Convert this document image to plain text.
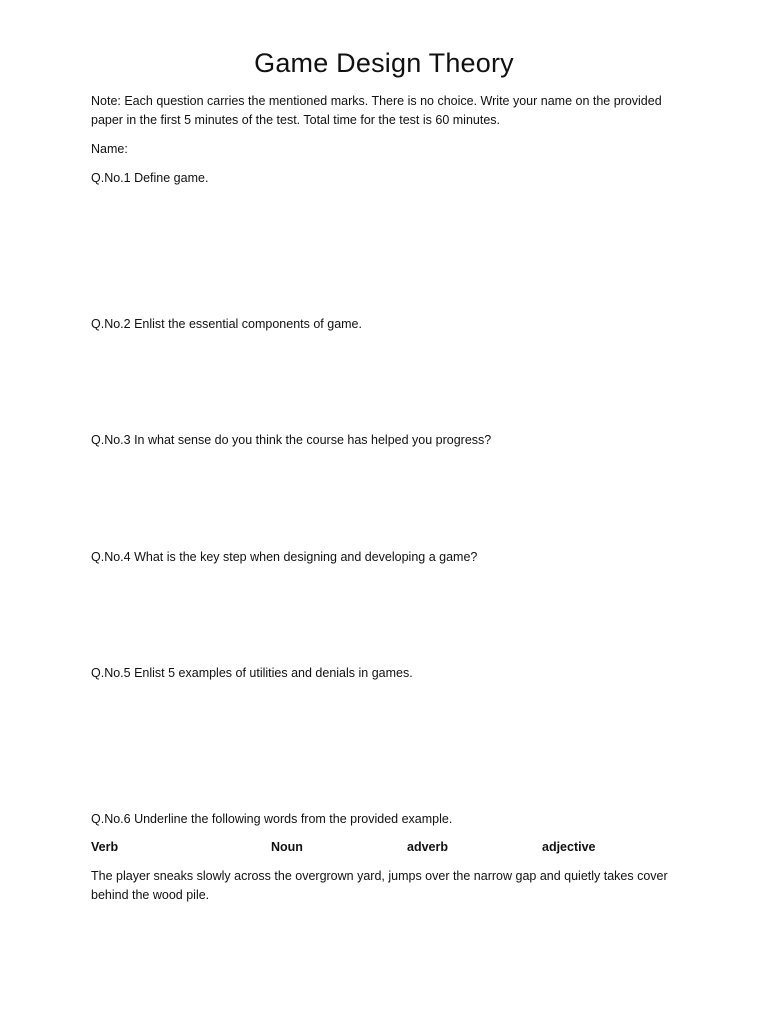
Game Design Theory

Note: Each question carries the mentioned marks. There is no choice. Write your name on the provided paper in the first 5 minutes of the test. Total time for the test is 60 minutes.

Name:

Q.No.1 Define game.

Q.No.2 Enlist the essential components of game.

Q.No.3 In what sense do you think the course has helped you progress?

Q.No.4 What is the key step when designing and developing a game?

Q.No.5 Enlist 5 examples of utilities and denials in games.

Q.No.6 Underline the following words from the provided example.

Verb	Noun	adverb	adjective

The player sneaks slowly across the overgrown yard, jumps over the narrow gap and quietly takes cover behind the wood pile.
